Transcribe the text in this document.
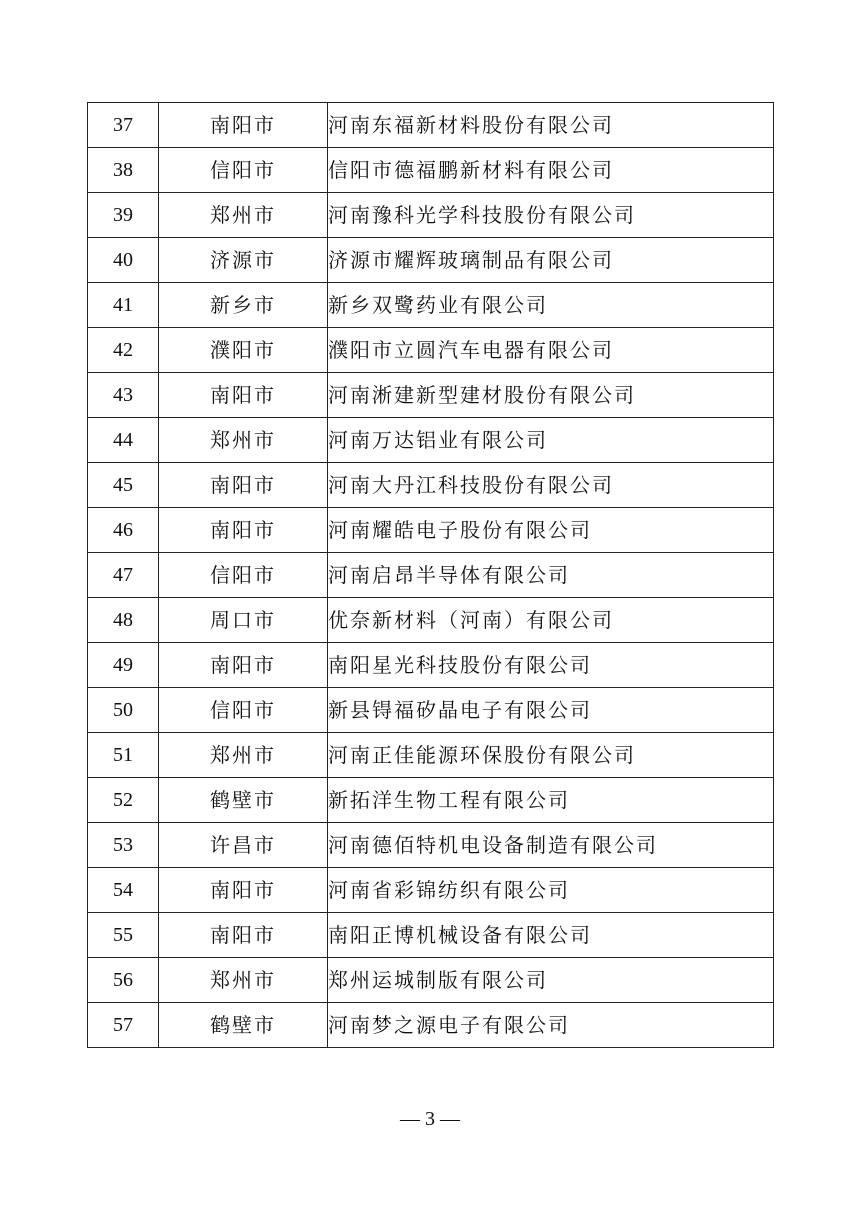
37	南阳市	河南东福新材料股份有限公司
38	信阳市	信阳市德福鹏新材料有限公司
39	郑州市	河南豫科光学科技股份有限公司
40	济源市	济源市耀辉玻璃制品有限公司
41	新乡市	新乡双鹭药业有限公司
42	濮阳市	濮阳市立圆汽车电器有限公司
43	南阳市	河南淅建新型建材股份有限公司
44	郑州市	河南万达铝业有限公司
45	南阳市	河南大丹江科技股份有限公司
46	南阳市	河南耀皓电子股份有限公司
47	信阳市	河南启昂半导体有限公司
48	周口市	优奈新材料（河南）有限公司
49	南阳市	南阳星光科技股份有限公司
50	信阳市	新县锝福矽晶电子有限公司
51	郑州市	河南正佳能源环保股份有限公司
52	鹤壁市	新拓洋生物工程有限公司
53	许昌市	河南德佰特机电设备制造有限公司
54	南阳市	河南省彩锦纺织有限公司
55	南阳市	南阳正博机械设备有限公司
56	郑州市	郑州运城制版有限公司
57	鹤壁市	河南梦之源电子有限公司
— 3 —
